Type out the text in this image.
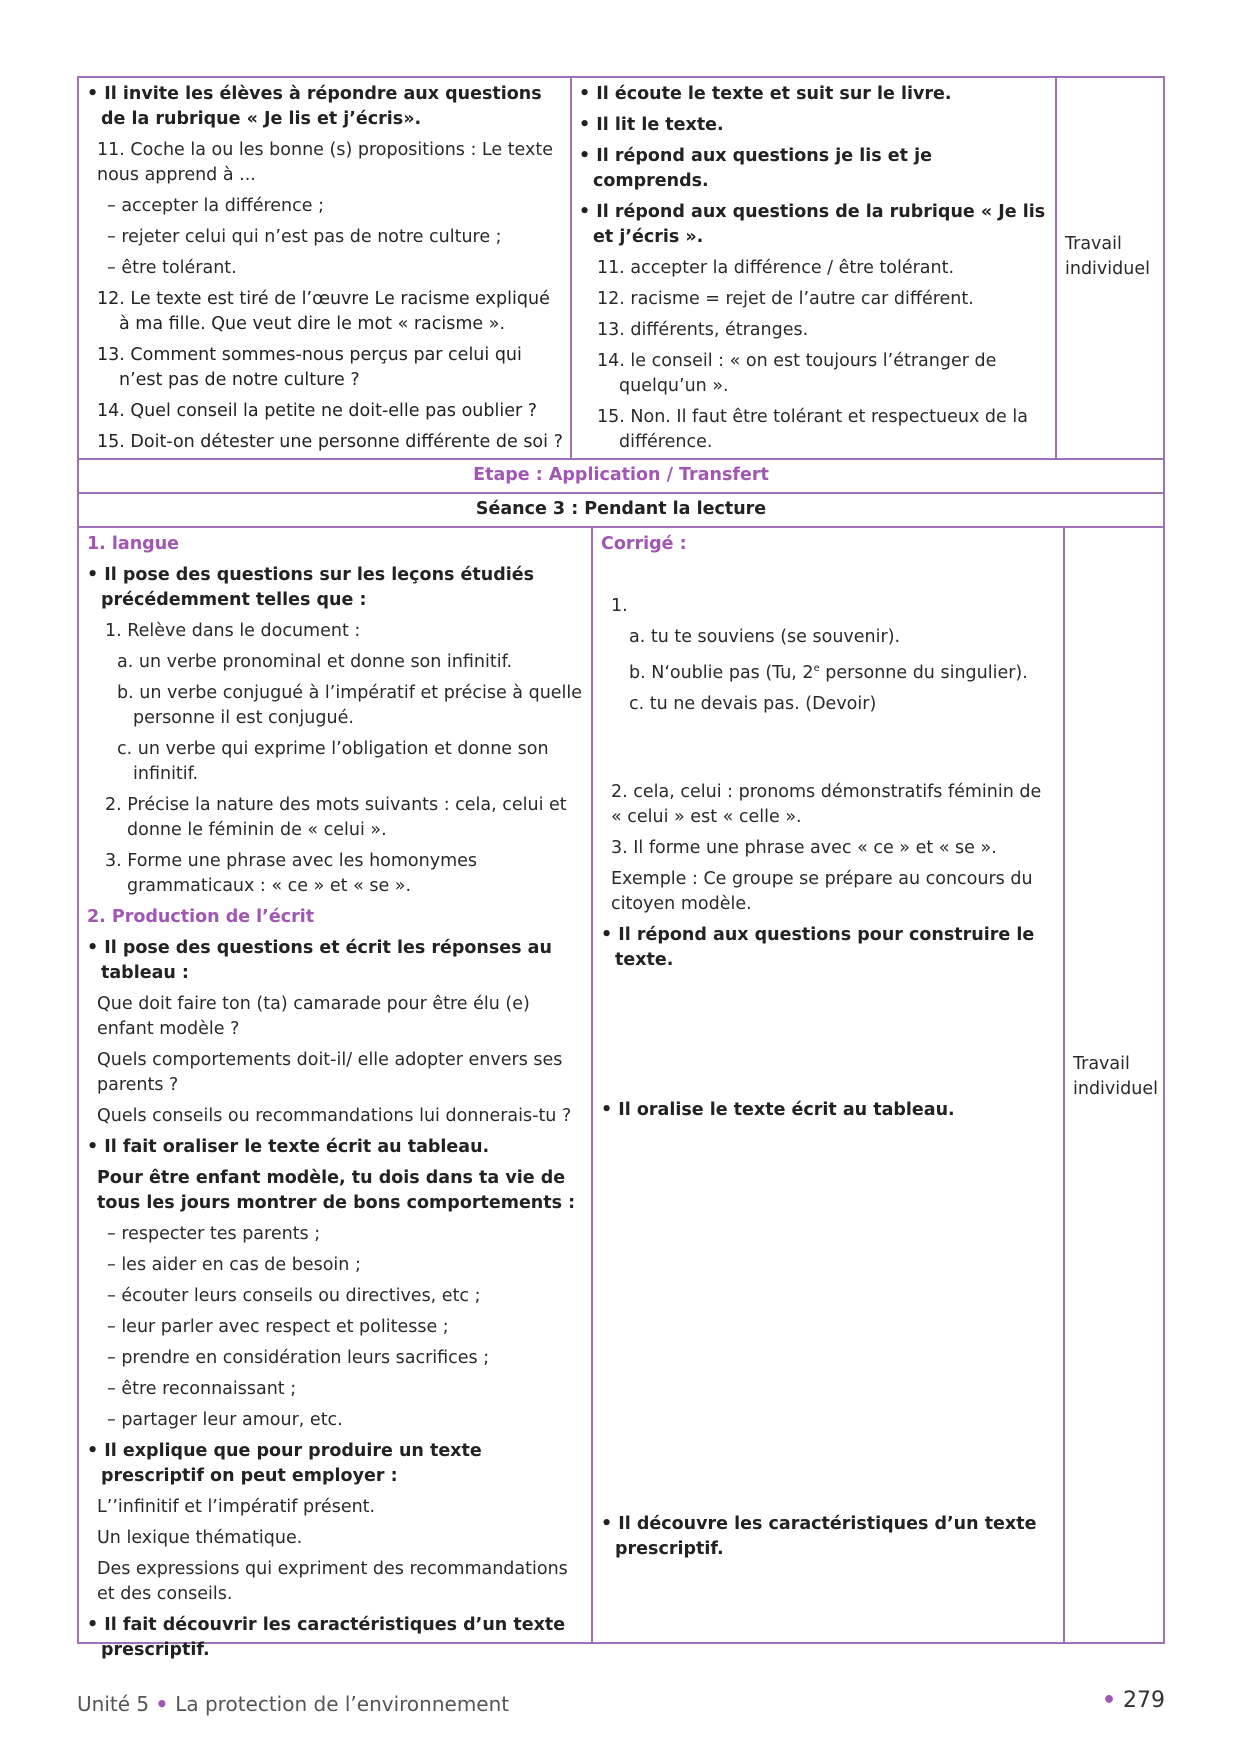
• Il invite les élèves à répondre aux questions de la rubrique « Je lis et j’écris».

11. Coche la ou les bonne (s) propositions : Le texte nous apprend à ...

– accepter la différence ;

– rejeter celui qui n’est pas de notre culture ;

– être tolérant.

12. Le texte est tiré de l’œuvre Le racisme expliqué à ma fille. Que veut dire le mot « racisme ».

13. Comment sommes-nous perçus par celui qui n’est pas de notre culture ?

14. Quel conseil la petite ne doit-elle pas oublier ?

15. Doit-on détester une personne différente de soi ?

• Il écoute le texte et suit sur le livre.

• Il lit le texte.

• Il répond aux questions je lis et je comprends.

• Il répond aux questions de la rubrique « Je lis et j’écris ».

11. accepter la différence / être tolérant.

12. racisme = rejet de l’autre car différent.

13. différents, étranges.

14. le conseil : « on est toujours l’étranger de quelqu’un ».

15. Non. Il faut être tolérant et respectueux de la différence.

Travail individuel
Etape : Application / Transfert
Séance 3 : Pendant la lecture

1. langue

• Il pose des questions sur les leçons étudiés précédemment telles que :

1. Relève dans le document :

a. un verbe pronominal et donne son infinitif.

b. un verbe conjugué à l’impératif et précise à quelle personne il est conjugué.

c. un verbe qui exprime l’obligation et donne son infinitif.

2. Précise la nature des mots suivants : cela, celui et donne le féminin de « celui ».

3. Forme une phrase avec les homonymes grammaticaux : « ce » et « se ».

2. Production de l’écrit

• Il pose des questions et écrit les réponses au tableau :

Que doit faire ton (ta) camarade pour être élu (e) enfant modèle ?

Quels comportements doit-il/ elle adopter envers ses parents ?

Quels conseils ou recommandations lui donnerais-tu ?

• Il fait oraliser le texte écrit au tableau.

Pour être enfant modèle, tu dois dans ta vie de tous les jours montrer de bons comportements :

– respecter tes parents ;

– les aider en cas de besoin ;

– écouter leurs conseils ou directives, etc ;

– leur parler avec respect et politesse ;

– prendre en considération leurs sacrifices ;

– être reconnaissant ;

– partager leur amour, etc.

• Il explique que pour produire un texte prescriptif on peut employer :

L’’infinitif et l’impératif présent.

Un lexique thématique.

Des expressions qui expriment des recommandations et des conseils.

• Il fait découvrir les caractéristiques d’un texte prescriptif.

Corrigé :

1.

a. tu te souviens (se souvenir).

b. N‘oublie pas (Tu, 2e personne du singulier).

c. tu ne devais pas. (Devoir)

2. cela, celui : pronoms démonstratifs féminin de « celui » est « celle ».

3. Il forme une phrase avec « ce » et « se ».

Exemple : Ce groupe se prépare au concours du citoyen modèle.

• Il répond aux questions pour construire le texte.

• Il oralise le texte écrit au tableau.

• Il découvre les caractéristiques d’un texte prescriptif.

Travail individuel
Unité 5 • La protection de l’environnement	• 279
